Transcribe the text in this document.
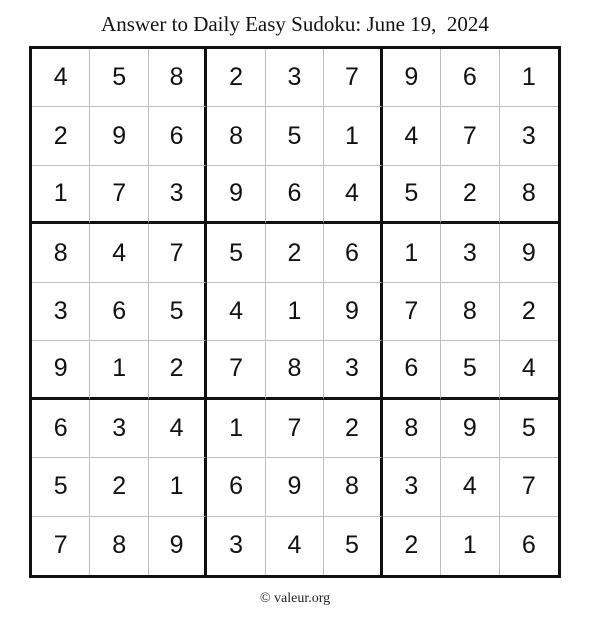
Answer to Daily Easy Sudoku: June 19,  2024
4	5	8	2	3	7	9	6	1
2	9	6	8	5	1	4	7	3
1	7	3	9	6	4	5	2	8
8	4	7	5	2	6	1	3	9
3	6	5	4	1	9	7	8	2
9	1	2	7	8	3	6	5	4
6	3	4	1	7	2	8	9	5
5	2	1	6	9	8	3	4	7
7	8	9	3	4	5	2	1	6
© valeur.org
